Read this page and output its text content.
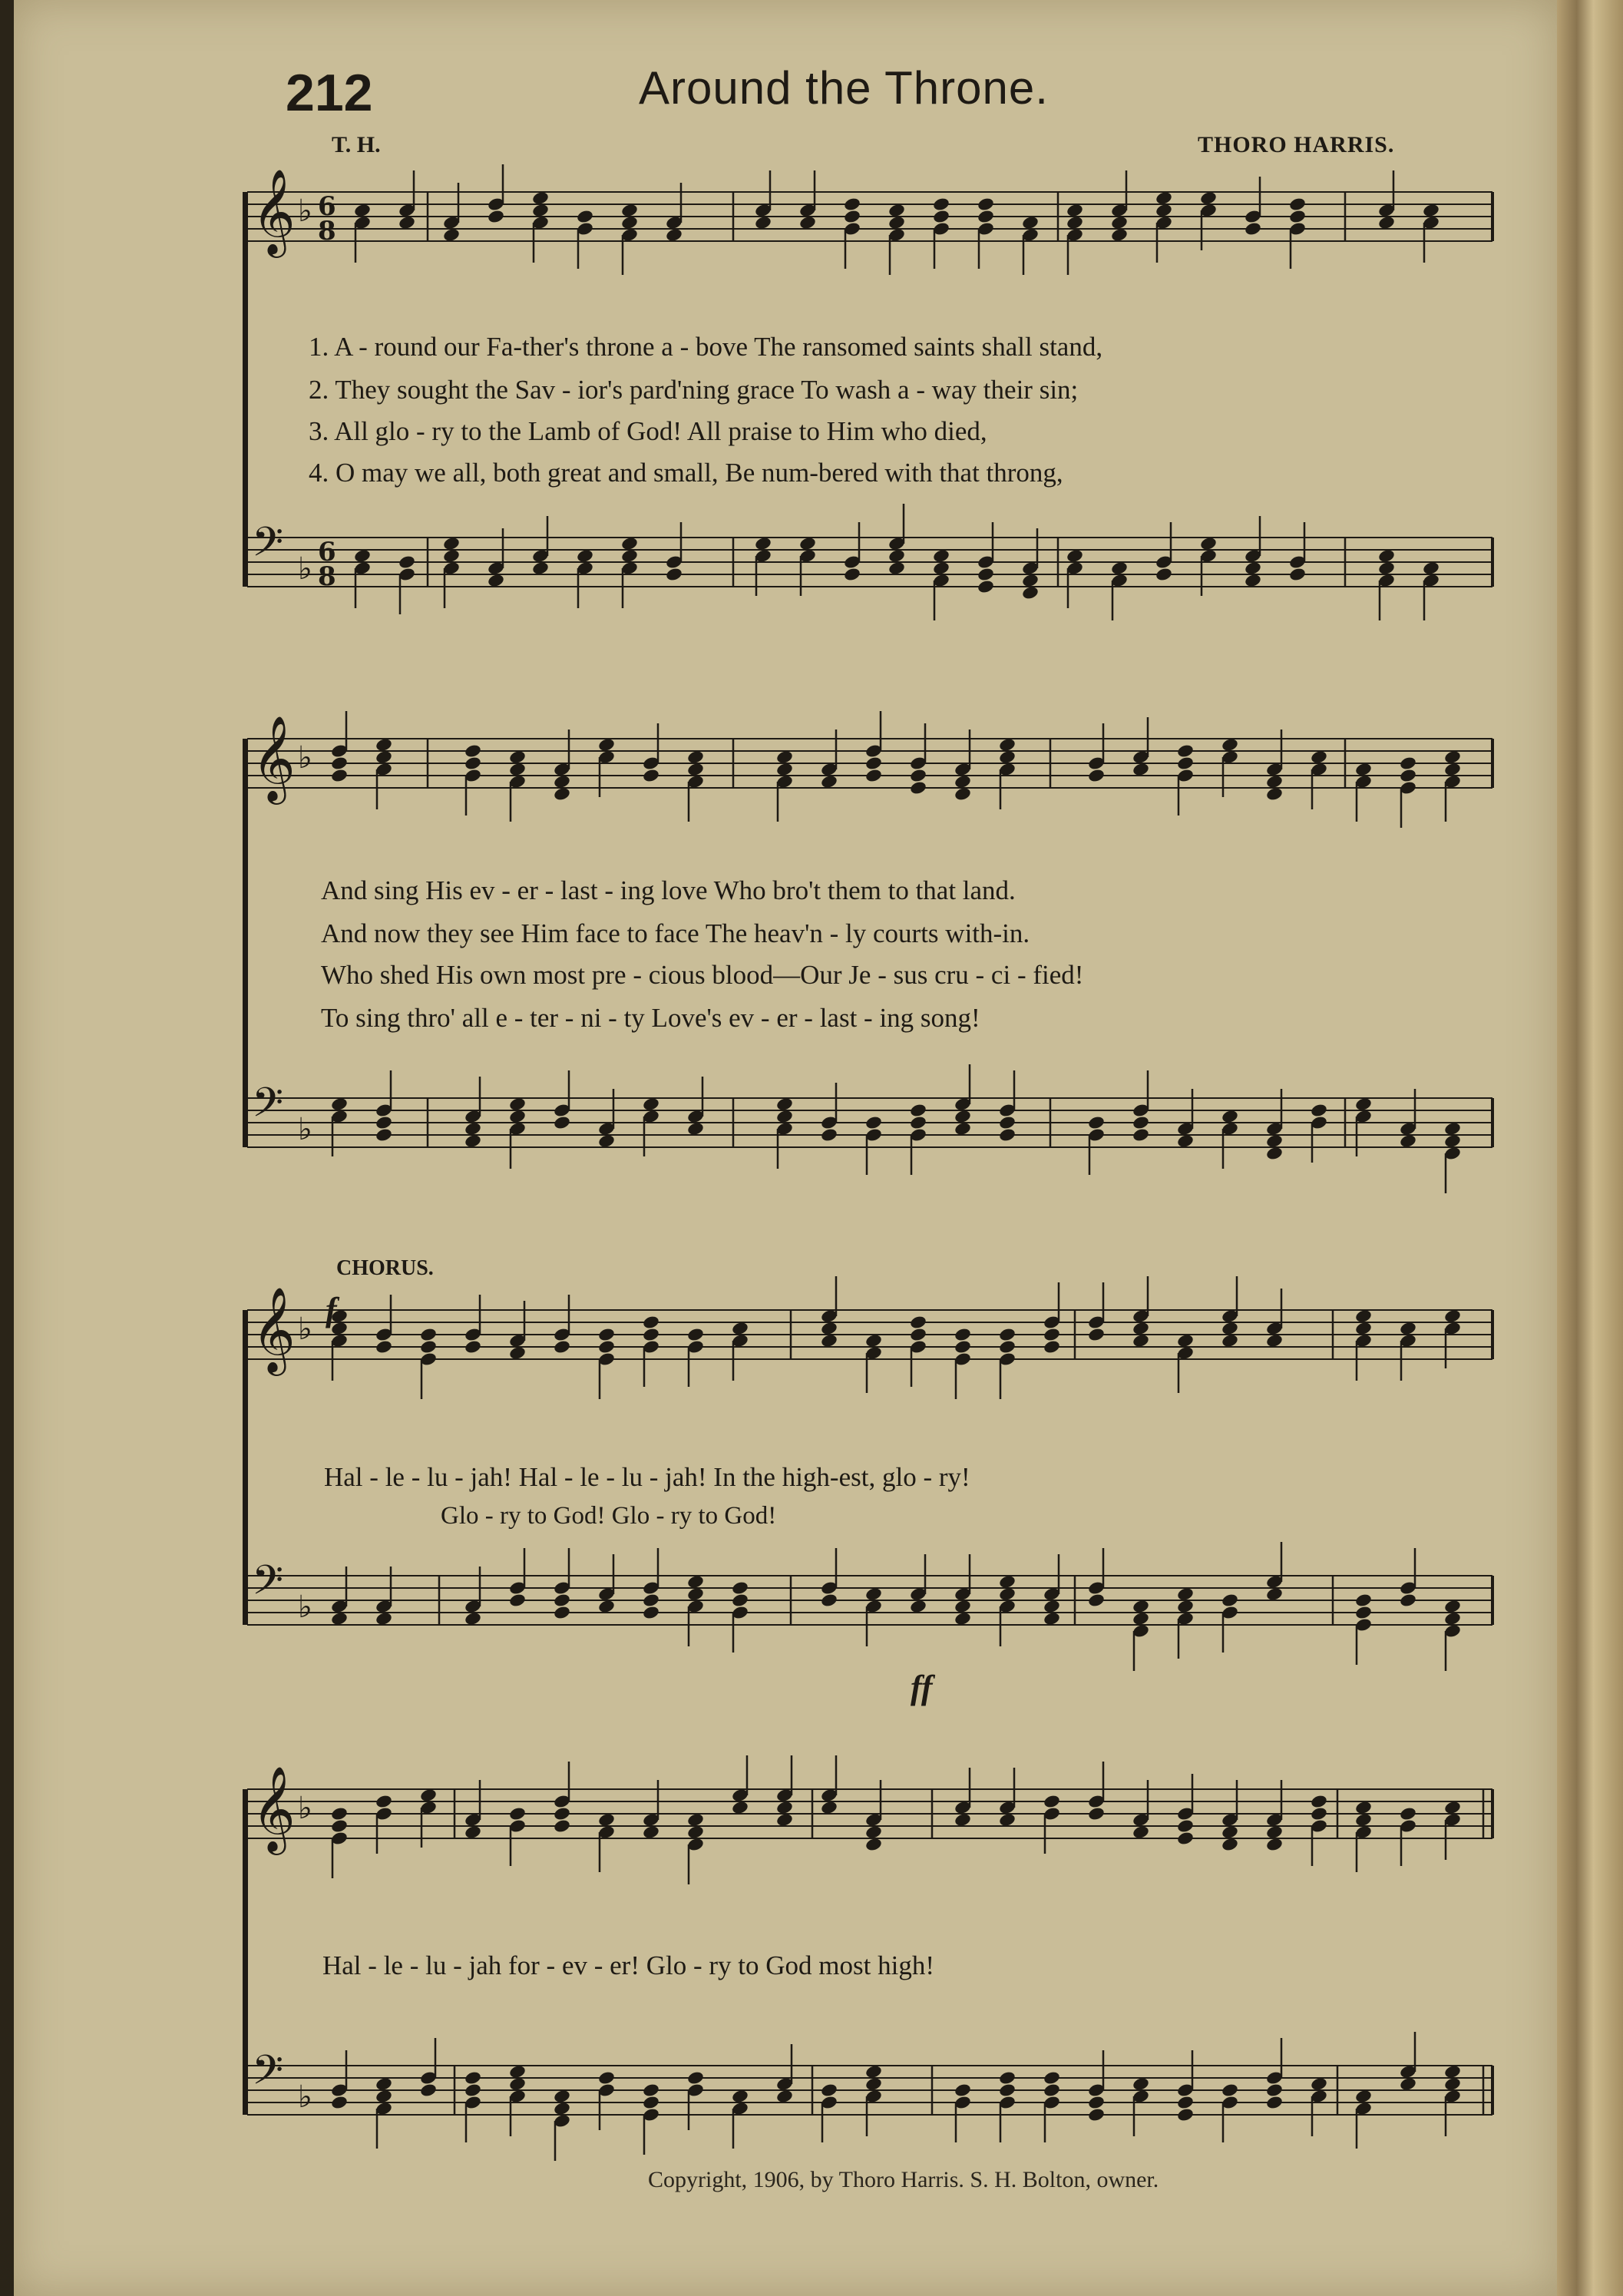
212	Around the Throne.
T. H.	THORO HARRIS.
𝄞 ♭ 6
8
𝄢 ♭ 6
8
𝄞 ♭
𝄢 ♭
𝄞 ♭
𝄢 ♭
𝄞 ♭
𝄢 ♭
1. A - round our Fa-ther's throne a - bove The ransomed saints shall stand,
2. They sought the Sav - ior's pard'ning grace To wash a - way their sin;
3. All glo - ry to the Lamb of God! All praise to Him who died,
4. O may we all, both great and small, Be num-bered with that throng,
And sing His ev - er - last - ing love Who bro't them to that land.
And now they see Him face to face The heav'n - ly courts with-in.
Who shed His own most pre - cious blood—Our Je - sus cru - ci - fied!
To sing thro' all e - ter - ni - ty Love's ev - er - last - ing song!
CHORUS.
f
Hal - le - lu - jah! Hal - le - lu - jah! In the high-est, glo - ry!
Glo - ry to God! Glo - ry to God!
ff
Hal - le - lu - jah for - ev - er! Glo - ry to God most high!
Copyright, 1906, by Thoro Harris. S. H. Bolton, owner.
